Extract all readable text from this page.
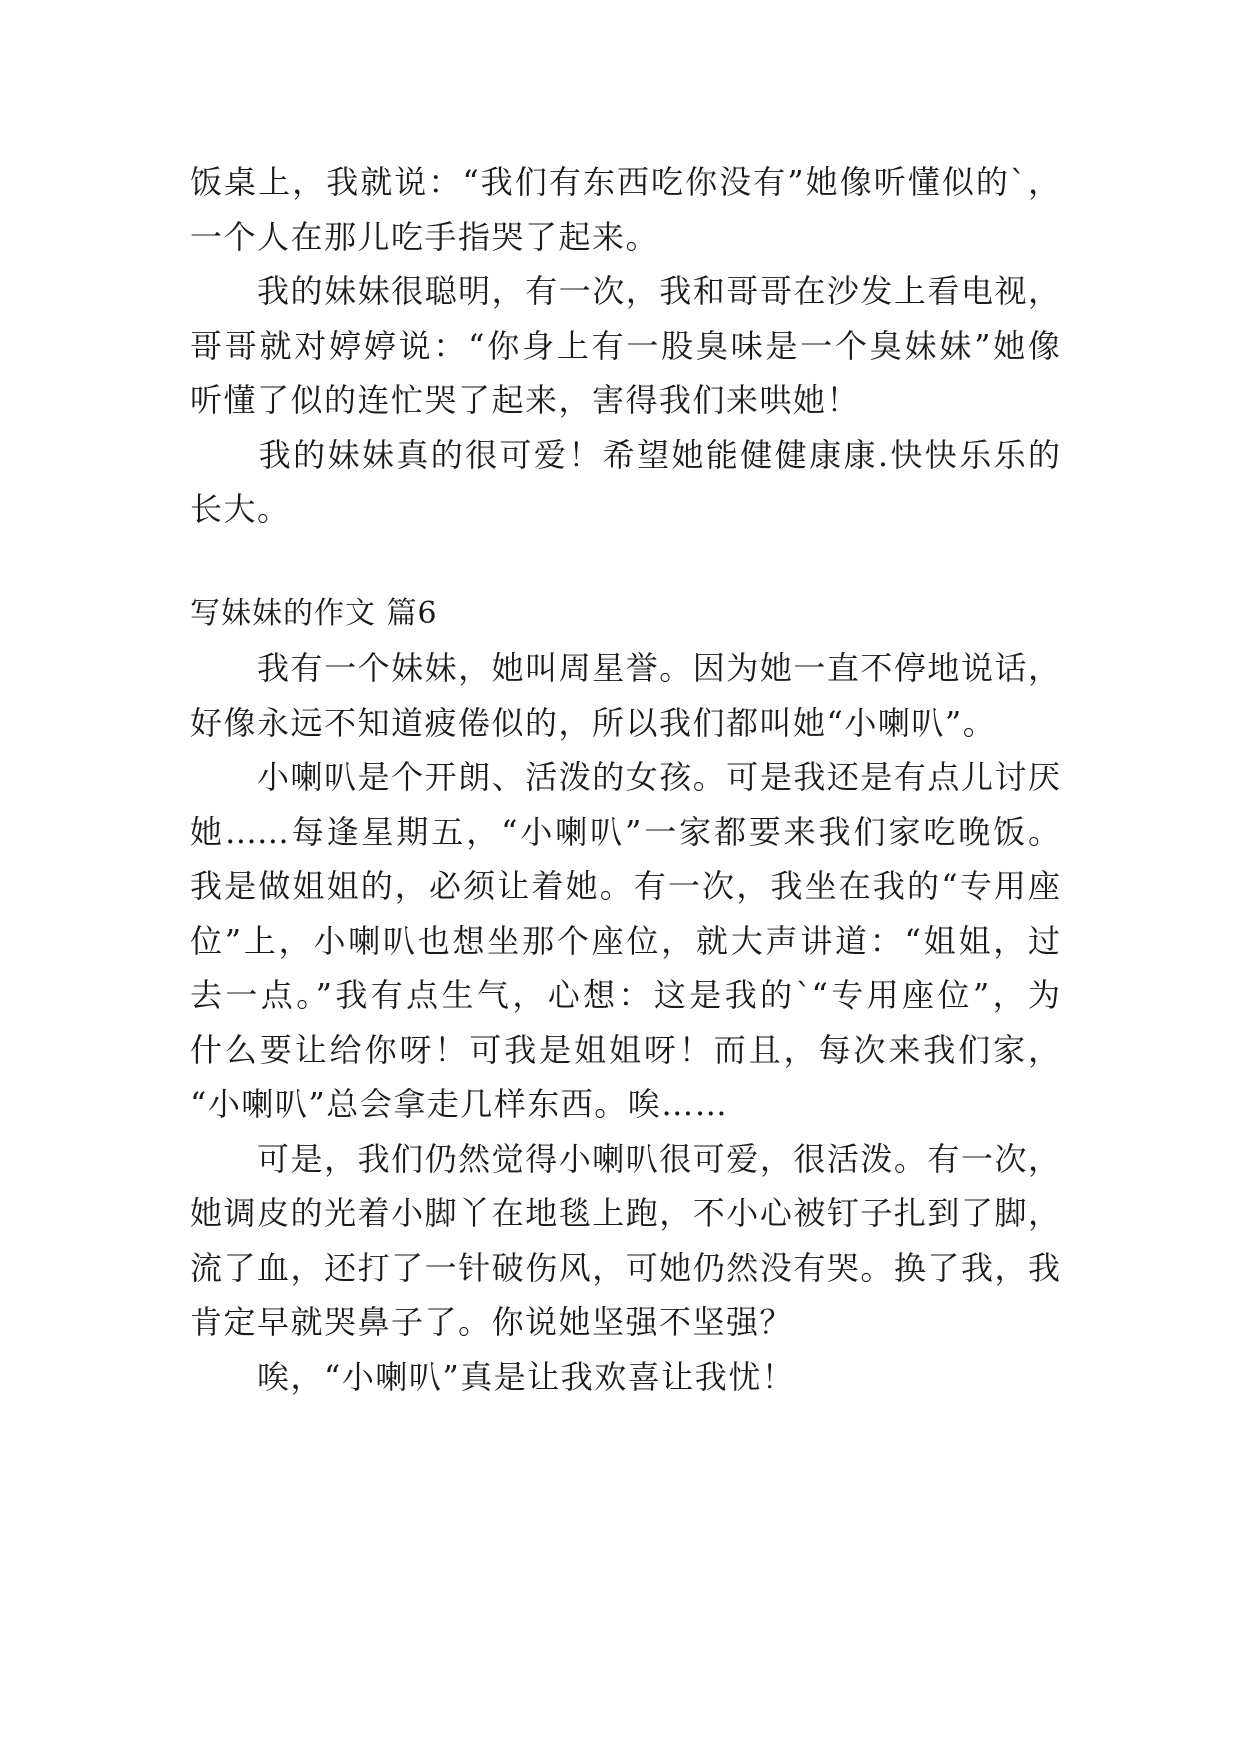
饭桌上，我就说：“我们有东西吃你没有”她像听懂似的`，
一个人在那儿吃手指哭了起来。
　　我的妹妹很聪明，有一次，我和哥哥在沙发上看电视，
哥哥就对婷婷说：“你身上有一股臭味是一个臭妹妹”她像
听懂了似的连忙哭了起来，害得我们来哄她！
　　我的妹妹真的很可爱！希望她能健健康康.快快乐乐的
长大。
写妹妹的作文 篇6
　　我有一个妹妹，她叫周星誉。因为她一直不停地说话，
好像永远不知道疲倦似的，所以我们都叫她“小喇叭”。
　　小喇叭是个开朗、活泼的女孩。可是我还是有点儿讨厌
她……每逢星期五，“小喇叭”一家都要来我们家吃晚饭。
我是做姐姐的，必须让着她。有一次，我坐在我的“专用座
位”上，小喇叭也想坐那个座位，就大声讲道：“姐姐，过
去一点。”我有点生气，心想：这是我的`“专用座位”，为
什么要让给你呀！可我是姐姐呀！而且，每次来我们家，
“小喇叭”总会拿走几样东西。唉……
　　可是，我们仍然觉得小喇叭很可爱，很活泼。有一次，
她调皮的光着小脚丫在地毯上跑，不小心被钉子扎到了脚，
流了血，还打了一针破伤风，可她仍然没有哭。换了我，我
肯定早就哭鼻子了。你说她坚强不坚强？
　　唉，“小喇叭”真是让我欢喜让我忧！
